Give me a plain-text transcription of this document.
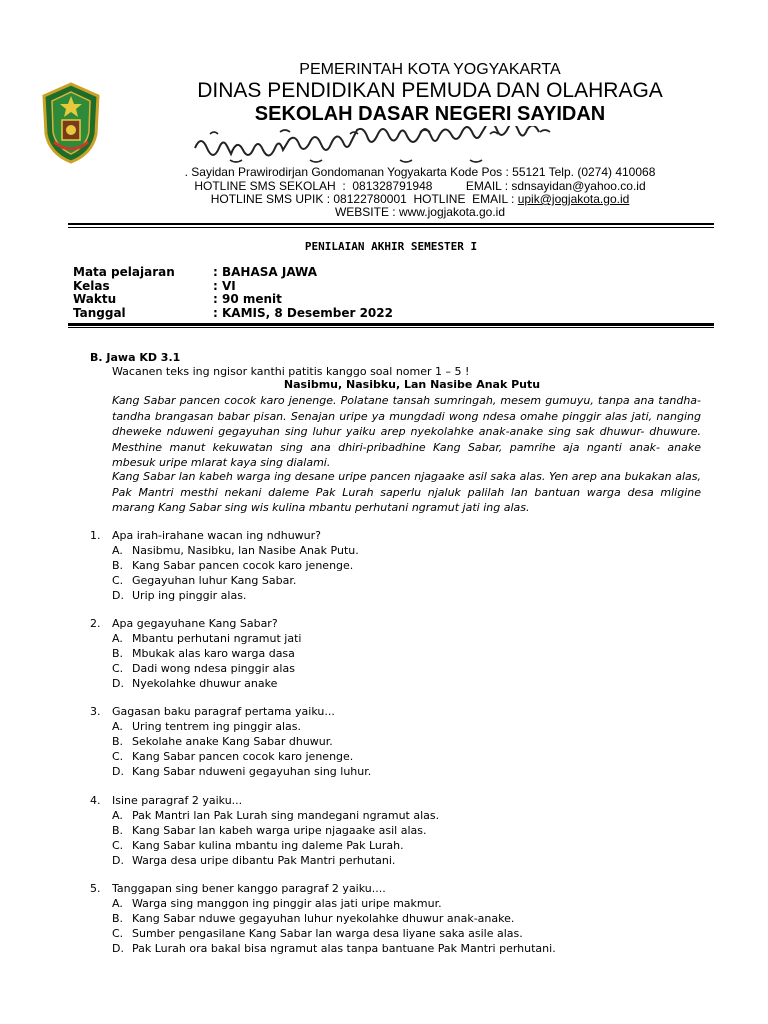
PEMERINTAH KOTA YOGYAKARTA
DINAS PENDIDIKAN PEMUDA DAN OLAHRAGA
SEKOLAH DASAR NEGERI SAYIDAN
. Sayidan Prawirodirjan Gondomanan Yogyakarta Kode Pos : 55121 Telp. (0274) 410068
HOTLINE SMS SEKOLAH  :  081328791948	EMAIL : sdnsayidan@yahoo.co.id
HOTLINE SMS UPIK : 08122780001  HOTLINE  EMAIL : upik@jogjakota.go.id
WEBSITE : www.jogjakota.go.id
PENILAIAN AKHIR SEMESTER I
Mata pelajaran	: BAHASA JAWA
Kelas	: VI
Waktu	: 90 menit
Tanggal	: KAMIS, 8 Desember 2022
B. Jawa KD 3.1
Wacanen teks ing ngisor kanthi patitis kanggo soal nomer 1 – 5 !
Nasibmu, Nasibku, Lan Nasibe Anak Putu
Kang Sabar pancen cocok karo jenenge. Polatane tansah sumringah, mesem gumuyu, tanpa ana tandha- tandha brangasan babar pisan. Senajan uripe ya mungdadi wong ndesa omahe pinggir alas jati, nanging dheweke nduweni gegayuhan sing luhur yaiku arep nyekolahke anak-anake sing sak dhuwur- dhuwure. Mesthine manut kekuwatan sing ana dhiri-pribadhine Kang Sabar, pamrihe aja nganti anak- anake mbesuk uripe mlarat kaya sing dialami.
Kang Sabar lan kabeh warga ing desane uripe pancen njagaake asil saka alas. Yen arep ana bukakan alas, Pak Mantri mesthi nekani daleme Pak Lurah saperlu njaluk palilah lan bantuan warga desa mligine marang Kang Sabar sing wis kulina mbantu perhutani ngramut jati ing alas.
1. Apa irah-irahane wacan ing ndhuwur?
A. Nasibmu, Nasibku, lan Nasibe Anak Putu.
B. Kang Sabar pancen cocok karo jenenge.
C. Gegayuhan luhur Kang Sabar.
D. Urip ing pinggir alas.
2. Apa gegayuhane Kang Sabar?
A. Mbantu perhutani ngramut jati
B. Mbukak alas karo warga dasa
C. Dadi wong ndesa pinggir alas
D. Nyekolahke dhuwur anake
3. Gagasan baku paragraf pertama yaiku...
A. Uring tentrem ing pinggir alas.
B. Sekolahe anake Kang Sabar dhuwur.
C. Kang Sabar pancen cocok karo jenenge.
D. Kang Sabar nduweni gegayuhan sing luhur.
4. Isine paragraf 2 yaiku...
A. Pak Mantri lan Pak Lurah sing mandegani ngramut alas.
B. Kang Sabar lan kabeh warga uripe njagaake asil alas.
C. Kang Sabar kulina mbantu ing daleme Pak Lurah.
D. Warga desa uripe dibantu Pak Mantri perhutani.
5. Tanggapan sing bener kanggo paragraf 2 yaiku....
A. Warga sing manggon ing pinggir alas jati uripe makmur.
B. Kang Sabar nduwe gegayuhan luhur nyekolahke dhuwur anak-anake.
C. Sumber pengasilane Kang Sabar lan warga desa liyane saka asile alas.
D. Pak Lurah ora bakal bisa ngramut alas tanpa bantuane Pak Mantri perhutani.
